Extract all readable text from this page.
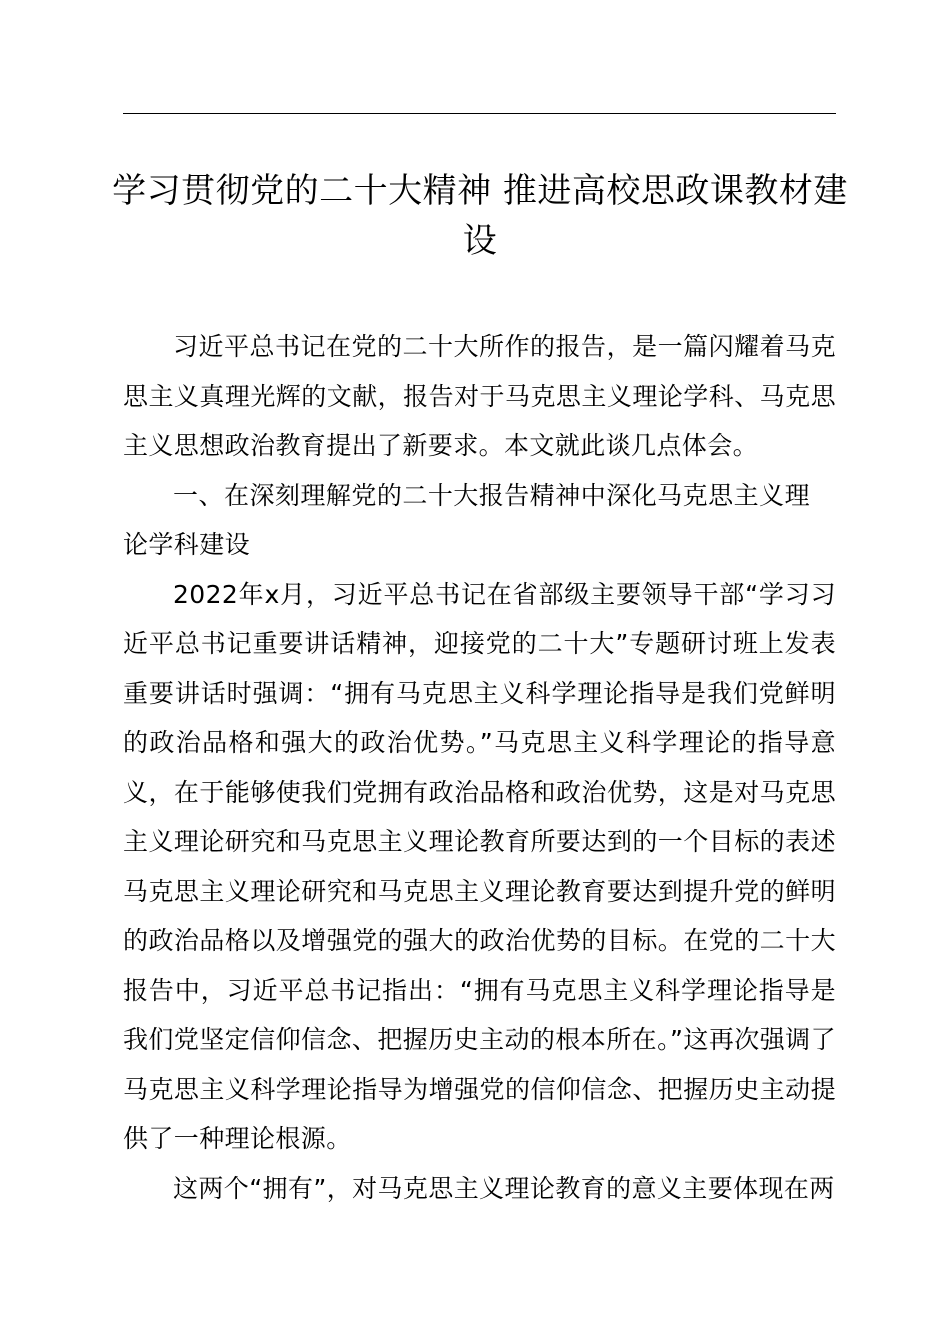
学习贯彻党的二十大精神 推进高校思政课教材建设

习近平总书记在党的二十大所作的报告，是一篇闪耀着马克思主义真理光辉的文献，报告对于马克思主义理论学科、马克思主义思想政治教育提出了新要求。本文就此谈几点体会。

一、在深刻理解党的二十大报告精神中深化马克思主义理论学科建设

2022年x月，习近平总书记在省部级主要领导干部“学习习近平总书记重要讲话精神，迎接党的二十大”专题研讨班上发表重要讲话时强调：“拥有马克思主义科学理论指导是我们党鲜明的政治品格和强大的政治优势。”马克思主义科学理论的指导意义，在于能够使我们党拥有政治品格和政治优势，这是对马克思主义理论研究和马克思主义理论教育所要达到的一个目标的表述马克思主义理论研究和马克思主义理论教育要达到提升党的鲜明的政治品格以及增强党的强大的政治优势的目标。在党的二十大报告中，习近平总书记指出：“拥有马克思主义科学理论指导是我们党坚定信仰信念、把握历史主动的根本所在。”这再次强调了马克思主义科学理论指导为增强党的信仰信念、把握历史主动提供了一种理论根源。

这两个“拥有”，对马克思主义理论教育的意义主要体现在两
